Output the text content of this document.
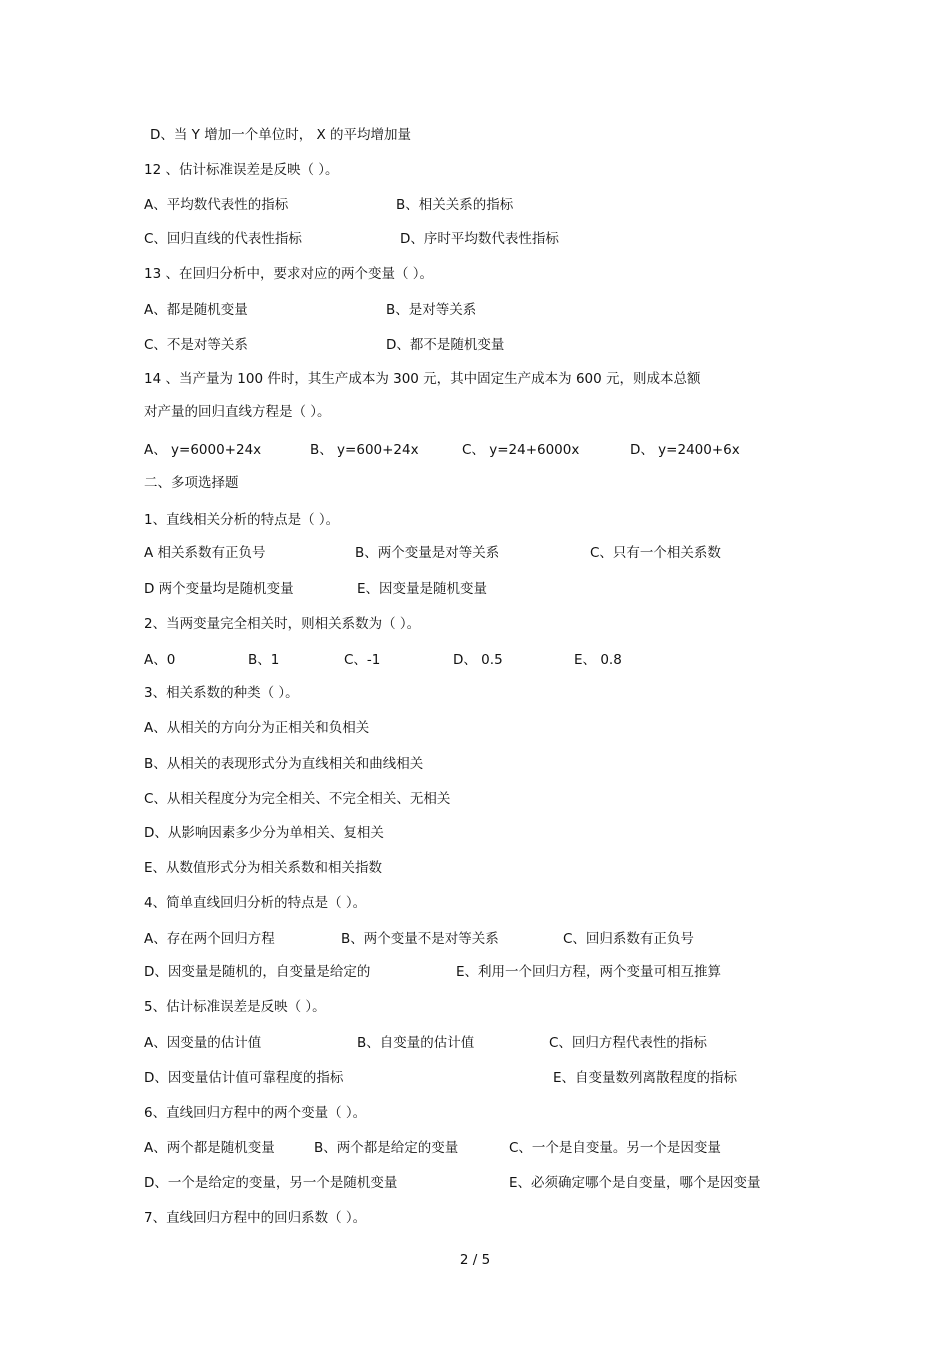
D、当 Y 增加一个单位时， X 的平均增加量
12 、估计标准误差是反映（ ）。
A、平均数代表性的指标	B、相关关系的指标
C、回归直线的代表性指标	D、序时平均数代表性指标
13 、在回归分析中，要求对应的两个变量（ ）。
A、都是随机变量	B、是对等关系
C、不是对等关系	D、都不是随机变量
14 、当产量为 100 件时，其生产成本为 300 元，其中固定生产成本为 600 元，则成本总额
对产量的回归直线方程是（ ）。
A、 y=6000+24x	B、 y=600+24x	C、 y=24+6000x	D、 y=2400+6x
二、多项选择题
1、直线相关分析的特点是（ ）。
A 相关系数有正负号	B、两个变量是对等关系	C、只有一个相关系数
D 两个变量均是随机变量	E、因变量是随机变量
2、当两变量完全相关时，则相关系数为（ ）。
A、0	B、1	C、-1	D、 0.5	E、 0.8
3、相关系数的种类（ ）。
A、从相关的方向分为正相关和负相关
B、从相关的表现形式分为直线相关和曲线相关
C、从相关程度分为完全相关、不完全相关、无相关
D、从影响因素多少分为单相关、复相关
E、从数值形式分为相关系数和相关指数
4、简单直线回归分析的特点是（ ）。
A、存在两个回归方程	B、两个变量不是对等关系	C、回归系数有正负号
D、因变量是随机的，自变量是给定的	E、利用一个回归方程，两个变量可相互推算
5、估计标准误差是反映（ ）。
A、因变量的估计值	B、自变量的估计值	C、回归方程代表性的指标
D、因变量估计值可靠程度的指标	E、自变量数列离散程度的指标
6、直线回归方程中的两个变量（ ）。
A、两个都是随机变量	B、两个都是给定的变量	C、一个是自变量。另一个是因变量
D、一个是给定的变量，另一个是随机变量	E、必须确定哪个是自变量，哪个是因变量
7、直线回归方程中的回归系数（ ）。
2 / 5
